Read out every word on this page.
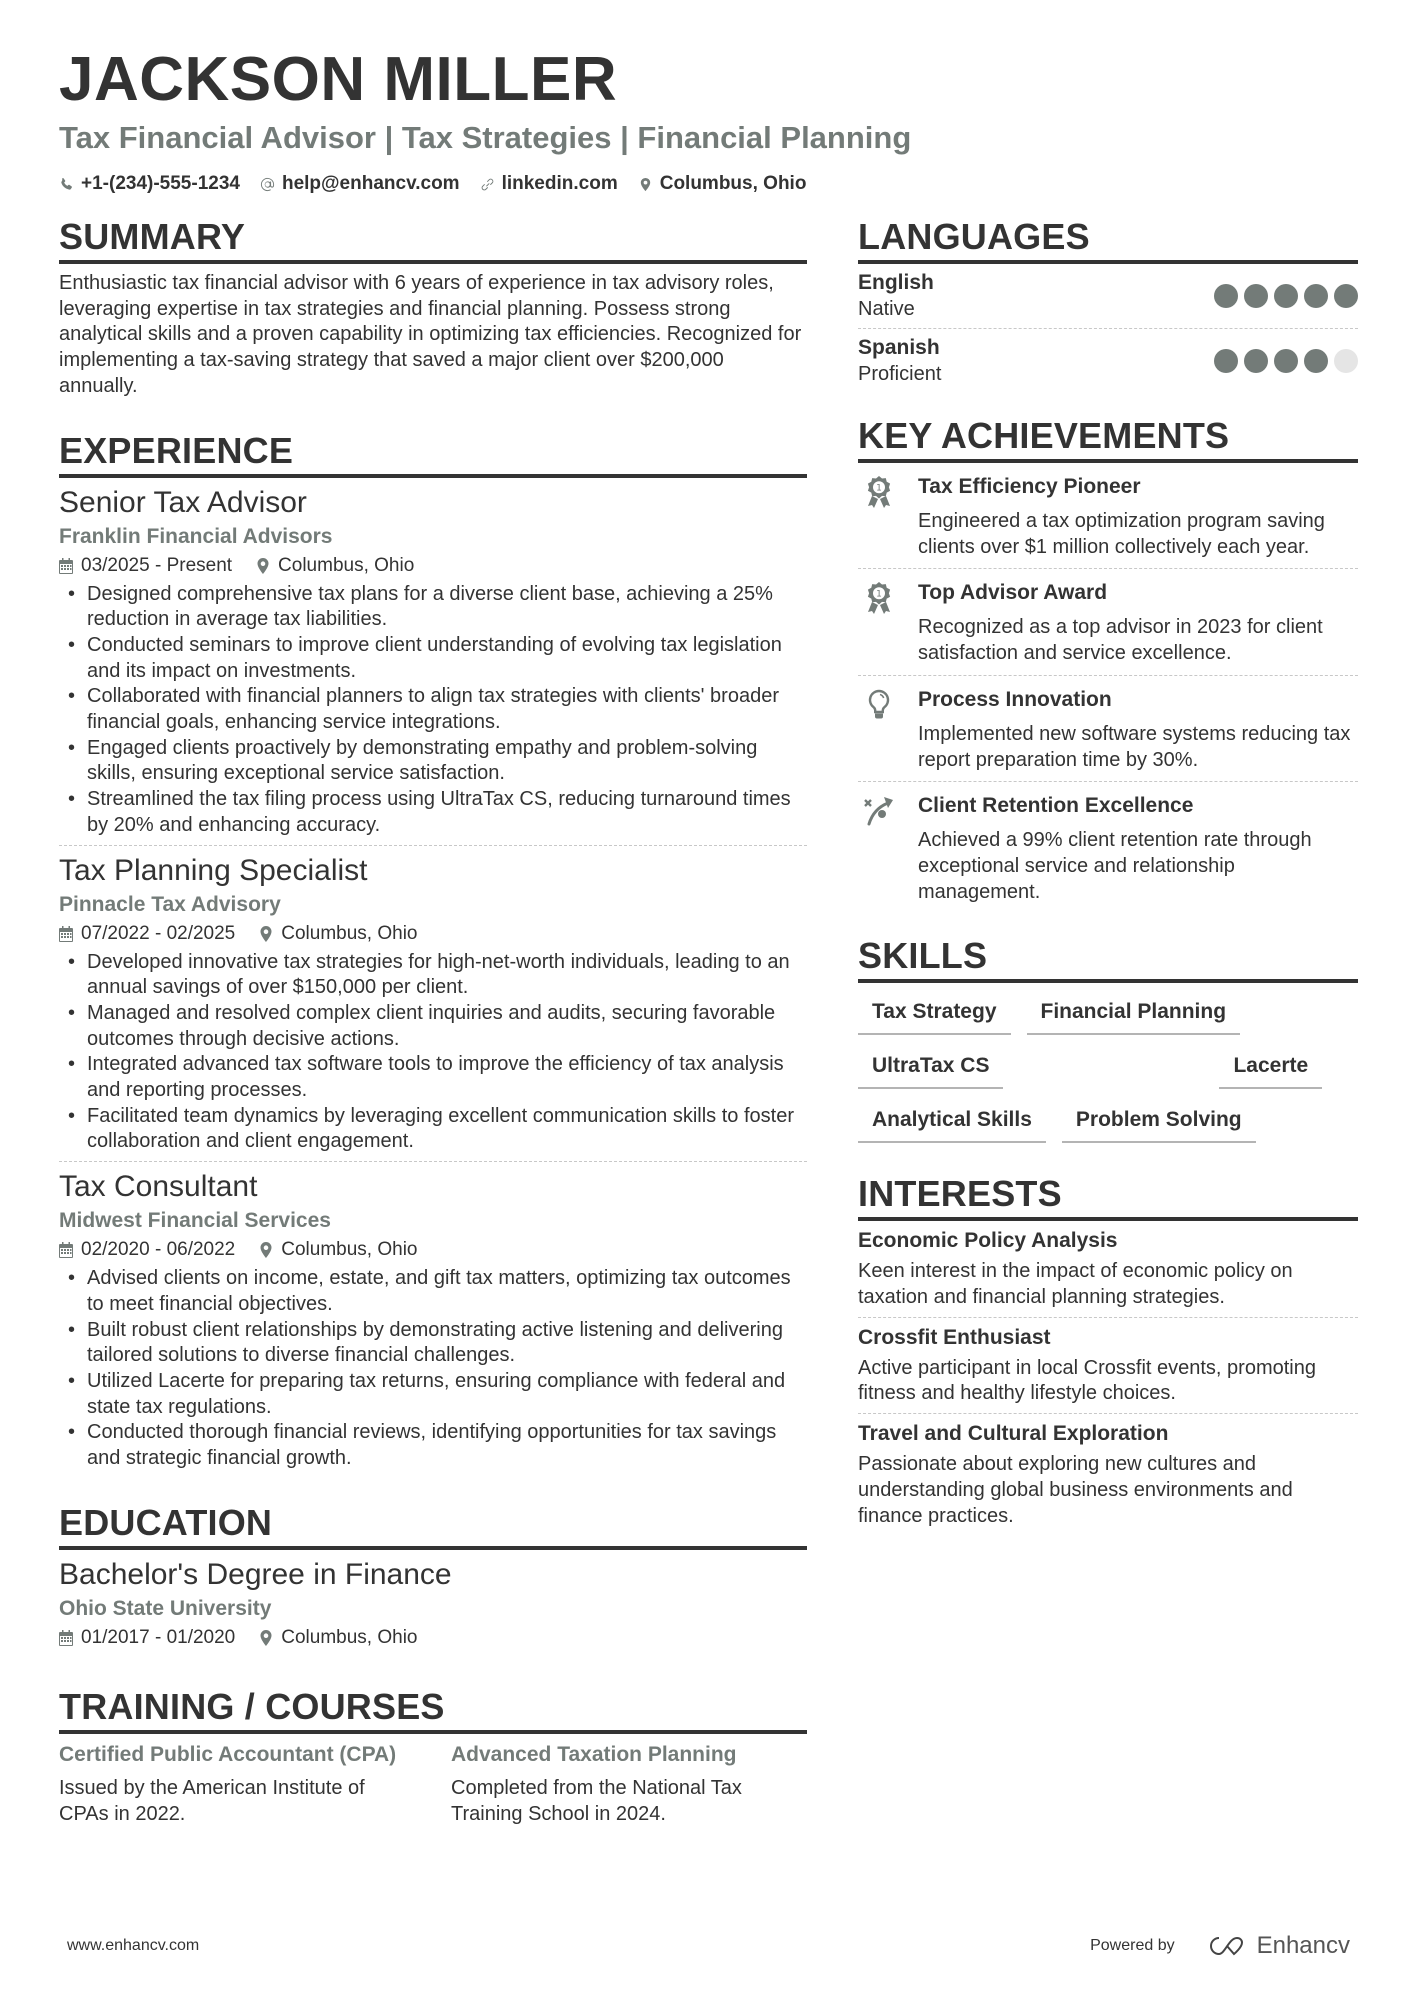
JACKSON MILLER
Tax Financial Advisor | Tax Strategies | Financial Planning
+1-(234)-555-1234 help@enhancv.com linkedin.com Columbus, Ohio
SUMMARY

Enthusiastic tax financial advisor with 6 years of experience in tax advisory roles, leveraging expertise in tax strategies and financial planning. Possess strong analytical skills and a proven capability in optimizing tax efficiencies. Recognized for implementing a tax-saving strategy that saved a major client over $200,000 annually.

EXPERIENCE
Senior Tax Advisor
Franklin Financial Advisors
03/2025 - Present Columbus, Ohio
• Designed comprehensive tax plans for a diverse client base, achieving a 25% reduction in average tax liabilities.
• Conducted seminars to improve client understanding of evolving tax legislation and its impact on investments.
• Collaborated with financial planners to align tax strategies with clients' broader financial goals, enhancing service integrations.
• Engaged clients proactively by demonstrating empathy and problem-solving skills, ensuring exceptional service satisfaction.
• Streamlined the tax filing process using UltraTax CS, reducing turnaround times by 20% and enhancing accuracy.
Tax Planning Specialist
Pinnacle Tax Advisory
07/2022 - 02/2025 Columbus, Ohio
• Developed innovative tax strategies for high-net-worth individuals, leading to an annual savings of over $150,000 per client.
• Managed and resolved complex client inquiries and audits, securing favorable outcomes through decisive actions.
• Integrated advanced tax software tools to improve the efficiency of tax analysis and reporting processes.
• Facilitated team dynamics by leveraging excellent communication skills to foster collaboration and client engagement.
Tax Consultant
Midwest Financial Services
02/2020 - 06/2022 Columbus, Ohio
• Advised clients on income, estate, and gift tax matters, optimizing tax outcomes to meet financial objectives.
• Built robust client relationships by demonstrating active listening and delivering tailored solutions to diverse financial challenges.
• Utilized Lacerte for preparing tax returns, ensuring compliance with federal and state tax regulations.
• Conducted thorough financial reviews, identifying opportunities for tax savings and strategic financial growth.
EDUCATION
Bachelor's Degree in Finance
Ohio State University
01/2017 - 01/2020 Columbus, Ohio
TRAINING / COURSES
Certified Public Accountant (CPA)
Issued by the American Institute of CPAs in 2022.
Advanced Taxation Planning
Completed from the National Tax Training School in 2024.
LANGUAGES
English
Native
Spanish
Proficient
KEY ACHIEVEMENTS
1 Tax Efficiency Pioneer
Engineered a tax optimization program saving clients over $1 million collectively each year.
1 Top Advisor Award
Recognized as a top advisor in 2023 for client satisfaction and service excellence.
Process Innovation
Implemented new software systems reducing tax report preparation time by 30%.
Client Retention Excellence
Achieved a 99% client retention rate through exceptional service and relationship management.
SKILLS
Tax Strategy	Financial Planning
UltraTax CS	Lacerte
Analytical Skills	Problem Solving
INTERESTS
Economic Policy Analysis
Keen interest in the impact of economic policy on taxation and financial planning strategies.
Crossfit Enthusiast
Active participant in local Crossfit events, promoting fitness and healthy lifestyle choices.
Travel and Cultural Exploration
Passionate about exploring new cultures and understanding global business environments and finance practices.
www.enhancv.com	Powered by	Enhancv
